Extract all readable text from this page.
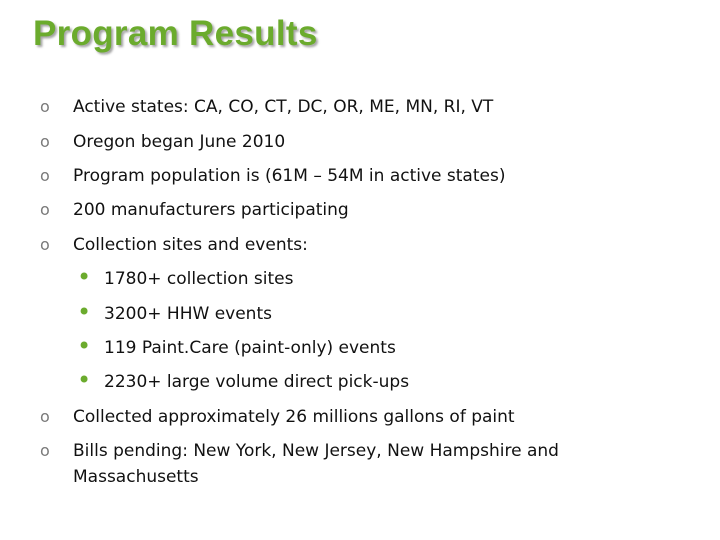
Program Results
o	Active states: CA, CO, CT, DC, OR, ME, MN, RI, VT
o	Oregon began June 2010
o	Program population is (61M – 54M in active states)
o	200 manufacturers participating
o	Collection sites and events:
• 1780+ collection sites
• 3200+ HHW events
• 119 Paint.Care (paint-only) events
• 2230+ large volume direct pick-ups
o	Collected approximately 26 millions gallons of paint
o	Bills pending: New York, New Jersey, New Hampshire and Massachusetts
